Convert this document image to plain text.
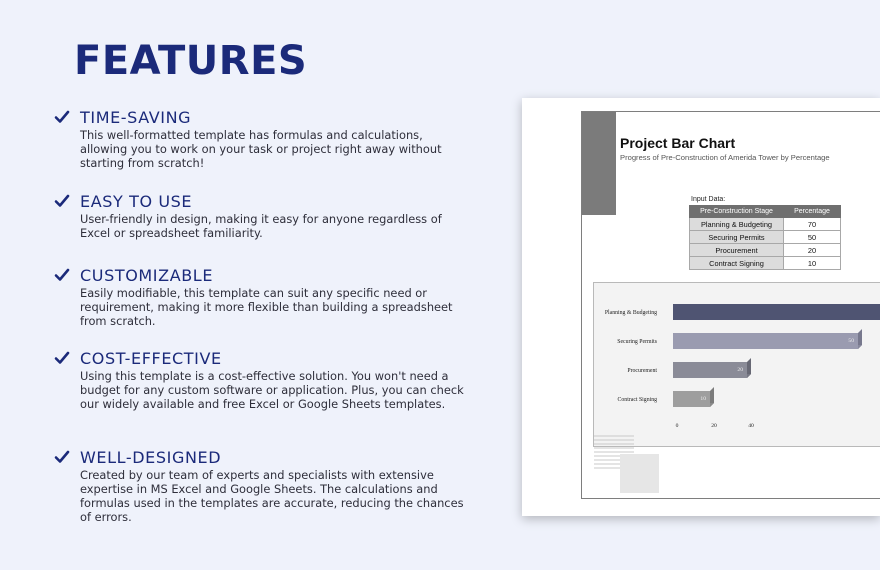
FEATURES
TIME-SAVING
This well-formatted template has formulas and calculations, allowing you to work on your task or project right away without starting from scratch!
EASY TO USE
User-friendly in design, making it easy for anyone regardless of Excel or spreadsheet familiarity.
CUSTOMIZABLE
Easily modifiable, this template can suit any specific need or requirement, making it more flexible than building a spreadsheet from scratch.
COST-EFFECTIVE
Using this template is a cost-effective solution. You won't need a budget for any custom software or application. Plus, you can check our widely available and free Excel or Google Sheets templates.
WELL-DESIGNED
Created by our team of experts and specialists with extensive expertise in MS Excel and Google Sheets. The calculations and formulas used in the templates are accurate, reducing the chances of errors.
Project Bar Chart
Progress of Pre-Construction of Amerida Tower by Percentage
Input Data:
Pre-Construction Stage	Percentage
Planning & Budgeting	70
Securing Permits	50
Procurement	20
Contract Signing	10
Planning & Budgeting
Securing Permits	50
Procurement	20
Contract Signing	10
0	20	40
